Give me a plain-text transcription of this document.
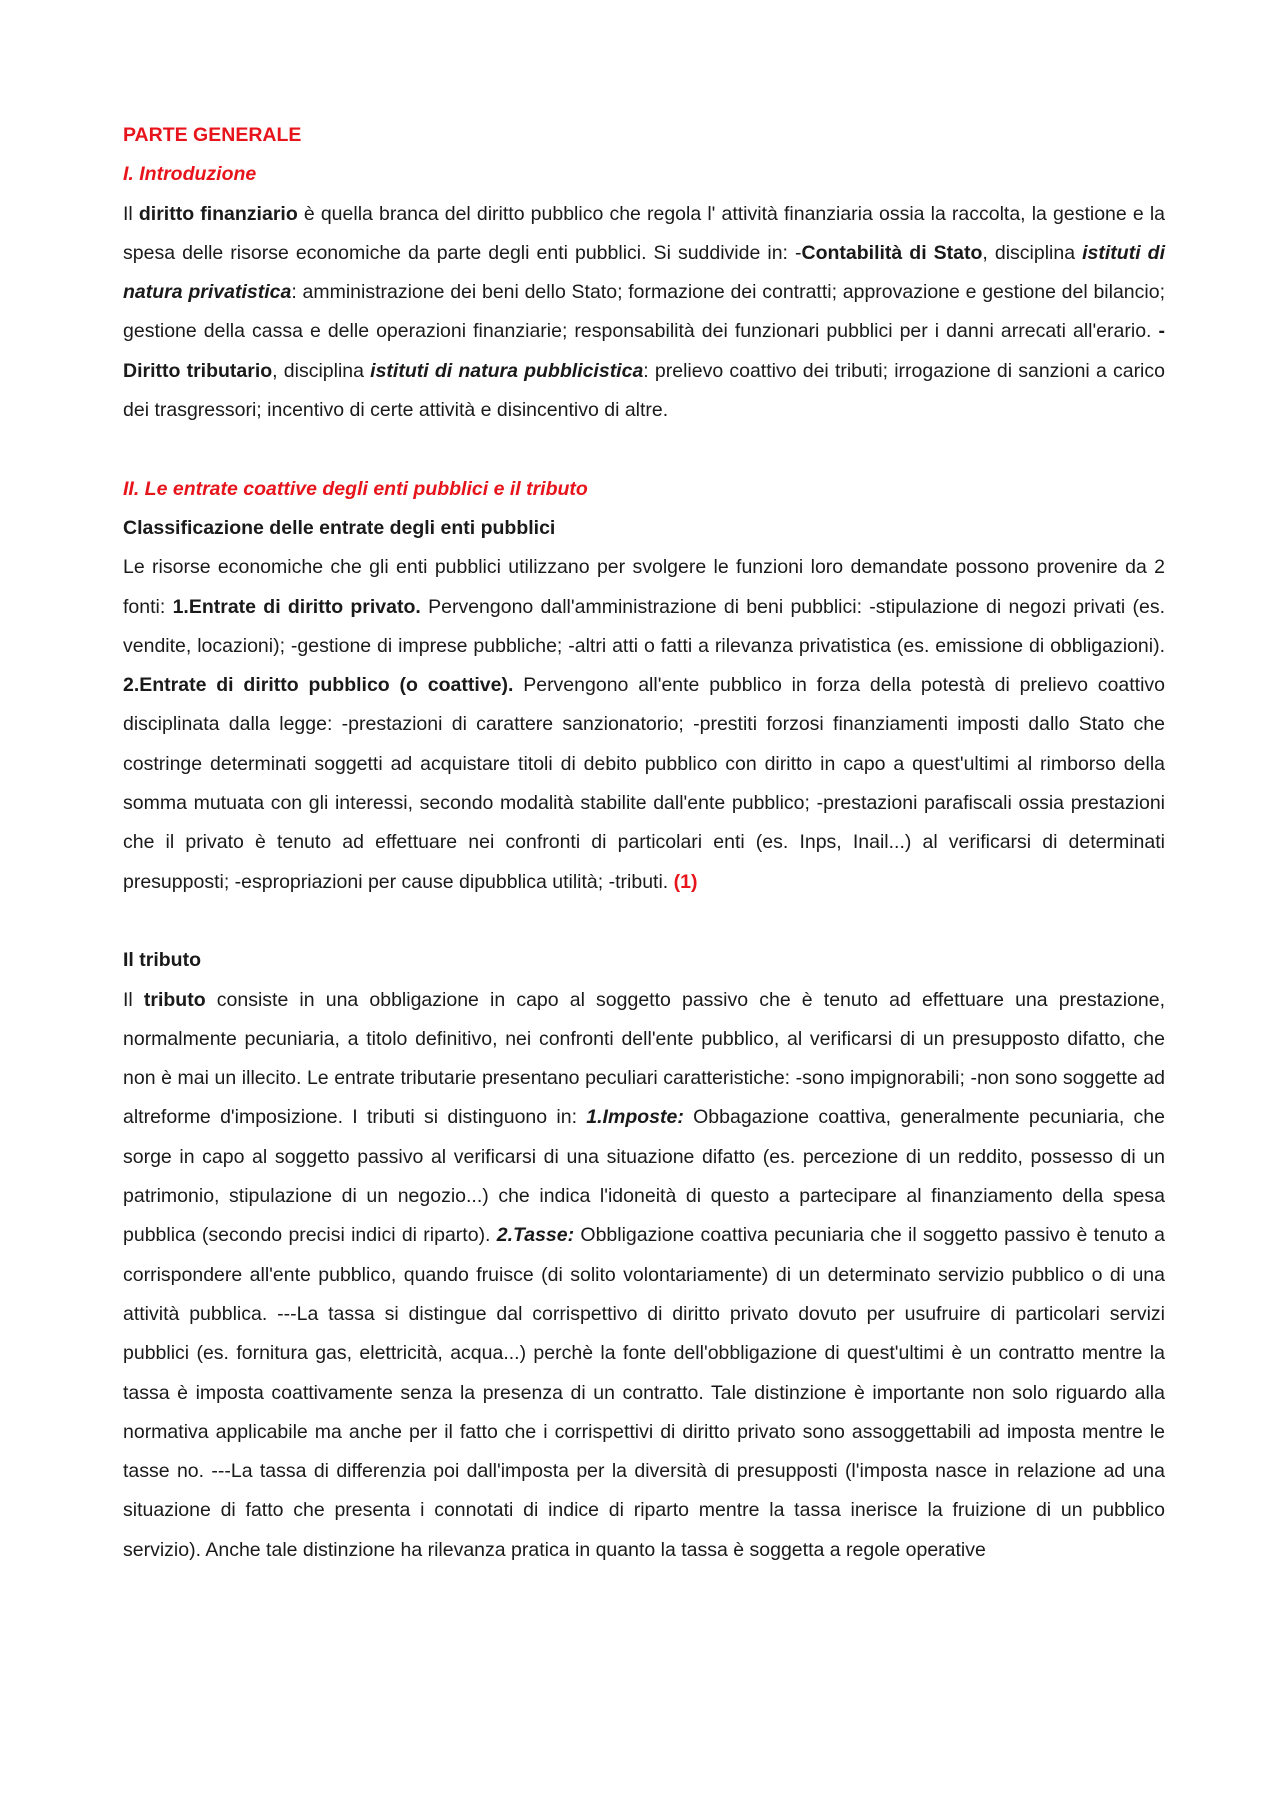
PARTE GENERALE

I. Introduzione

Il diritto finanziario è quella branca del diritto pubblico che regola l' attività finanziaria ossia la raccolta, la gestione e la spesa delle risorse economiche da parte degli enti pubblici. Si suddivide in: -Contabilità di Stato, disciplina istituti di natura privatistica: amministrazione dei beni dello Stato; formazione dei contratti; approvazione e gestione del bilancio; gestione della cassa e delle operazioni finanziarie; responsabilità dei funzionari pubblici per i danni arrecati all'erario. -Diritto tributario, disciplina istituti di natura pubblicistica: prelievo coattivo dei tributi; irrogazione di sanzioni a carico dei trasgressori; incentivo di certe attività e disincentivo di altre.

II. Le entrate coattive degli enti pubblici e il tributo

Classificazione delle entrate degli enti pubblici

Le risorse economiche che gli enti pubblici utilizzano per svolgere le funzioni loro demandate possono provenire da 2 fonti: 1.Entrate di diritto privato. Pervengono dall'amministrazione di beni pubblici: -stipulazione di negozi privati (es. vendite, locazioni); -gestione di imprese pubbliche; -altri atti o fatti a rilevanza privatistica (es. emissione di obbligazioni). 2.Entrate di diritto pubblico (o coattive). Pervengono all'ente pubblico in forza della potestà di prelievo coattivo disciplinata dalla legge: -prestazioni di carattere sanzionatorio; -prestiti forzosi finanziamenti imposti dallo Stato che costringe determinati soggetti ad acquistare titoli di debito pubblico con diritto in capo a quest'ultimi al rimborso della somma mutuata con gli interessi, secondo modalità stabilite dall'ente pubblico; -prestazioni parafiscali ossia prestazioni che il privato è tenuto ad effettuare nei confronti di particolari enti (es. Inps, Inail...) al verificarsi di determinati presupposti; -espropriazioni per cause dipubblica utilità; -tributi. (1)

Il tributo

Il tributo consiste in una obbligazione in capo al soggetto passivo che è tenuto ad effettuare una prestazione, normalmente pecuniaria, a titolo definitivo, nei confronti dell'ente pubblico, al verificarsi di un presupposto difatto, che non è mai un illecito. Le entrate tributarie presentano peculiari caratteristiche: -sono impignorabili; -non sono soggette ad altreforme d'imposizione. I tributi si distinguono in: 1.Imposte: Obbagazione coattiva, generalmente pecuniaria, che sorge in capo al soggetto passivo al verificarsi di una situazione difatto (es. percezione di un reddito, possesso di un patrimonio, stipulazione di un negozio...) che indica l'idoneità di questo a partecipare al finanziamento della spesa pubblica (secondo precisi indici di riparto). 2.Tasse: Obbligazione coattiva pecuniaria che il soggetto passivo è tenuto a corrispondere all'ente pubblico, quando fruisce (di solito volontariamente) di un determinato servizio pubblico o di una attività pubblica. ---La tassa si distingue dal corrispettivo di diritto privato dovuto per usufruire di particolari servizi pubblici (es. fornitura gas, elettricità, acqua...) perchè la fonte dell'obbligazione di quest'ultimi è un contratto mentre la tassa è imposta coattivamente senza la presenza di un contratto. Tale distinzione è importante non solo riguardo alla normativa applicabile ma anche per il fatto che i corrispettivi di diritto privato sono assoggettabili ad imposta mentre le tasse no. ---La tassa di differenzia poi dall'imposta per la diversità di presupposti (l'imposta nasce in relazione ad una situazione di fatto che presenta i connotati di indice di riparto mentre la tassa inerisce la fruizione di un pubblico servizio). Anche tale distinzione ha rilevanza pratica in quanto la tassa è soggetta a regole operative
